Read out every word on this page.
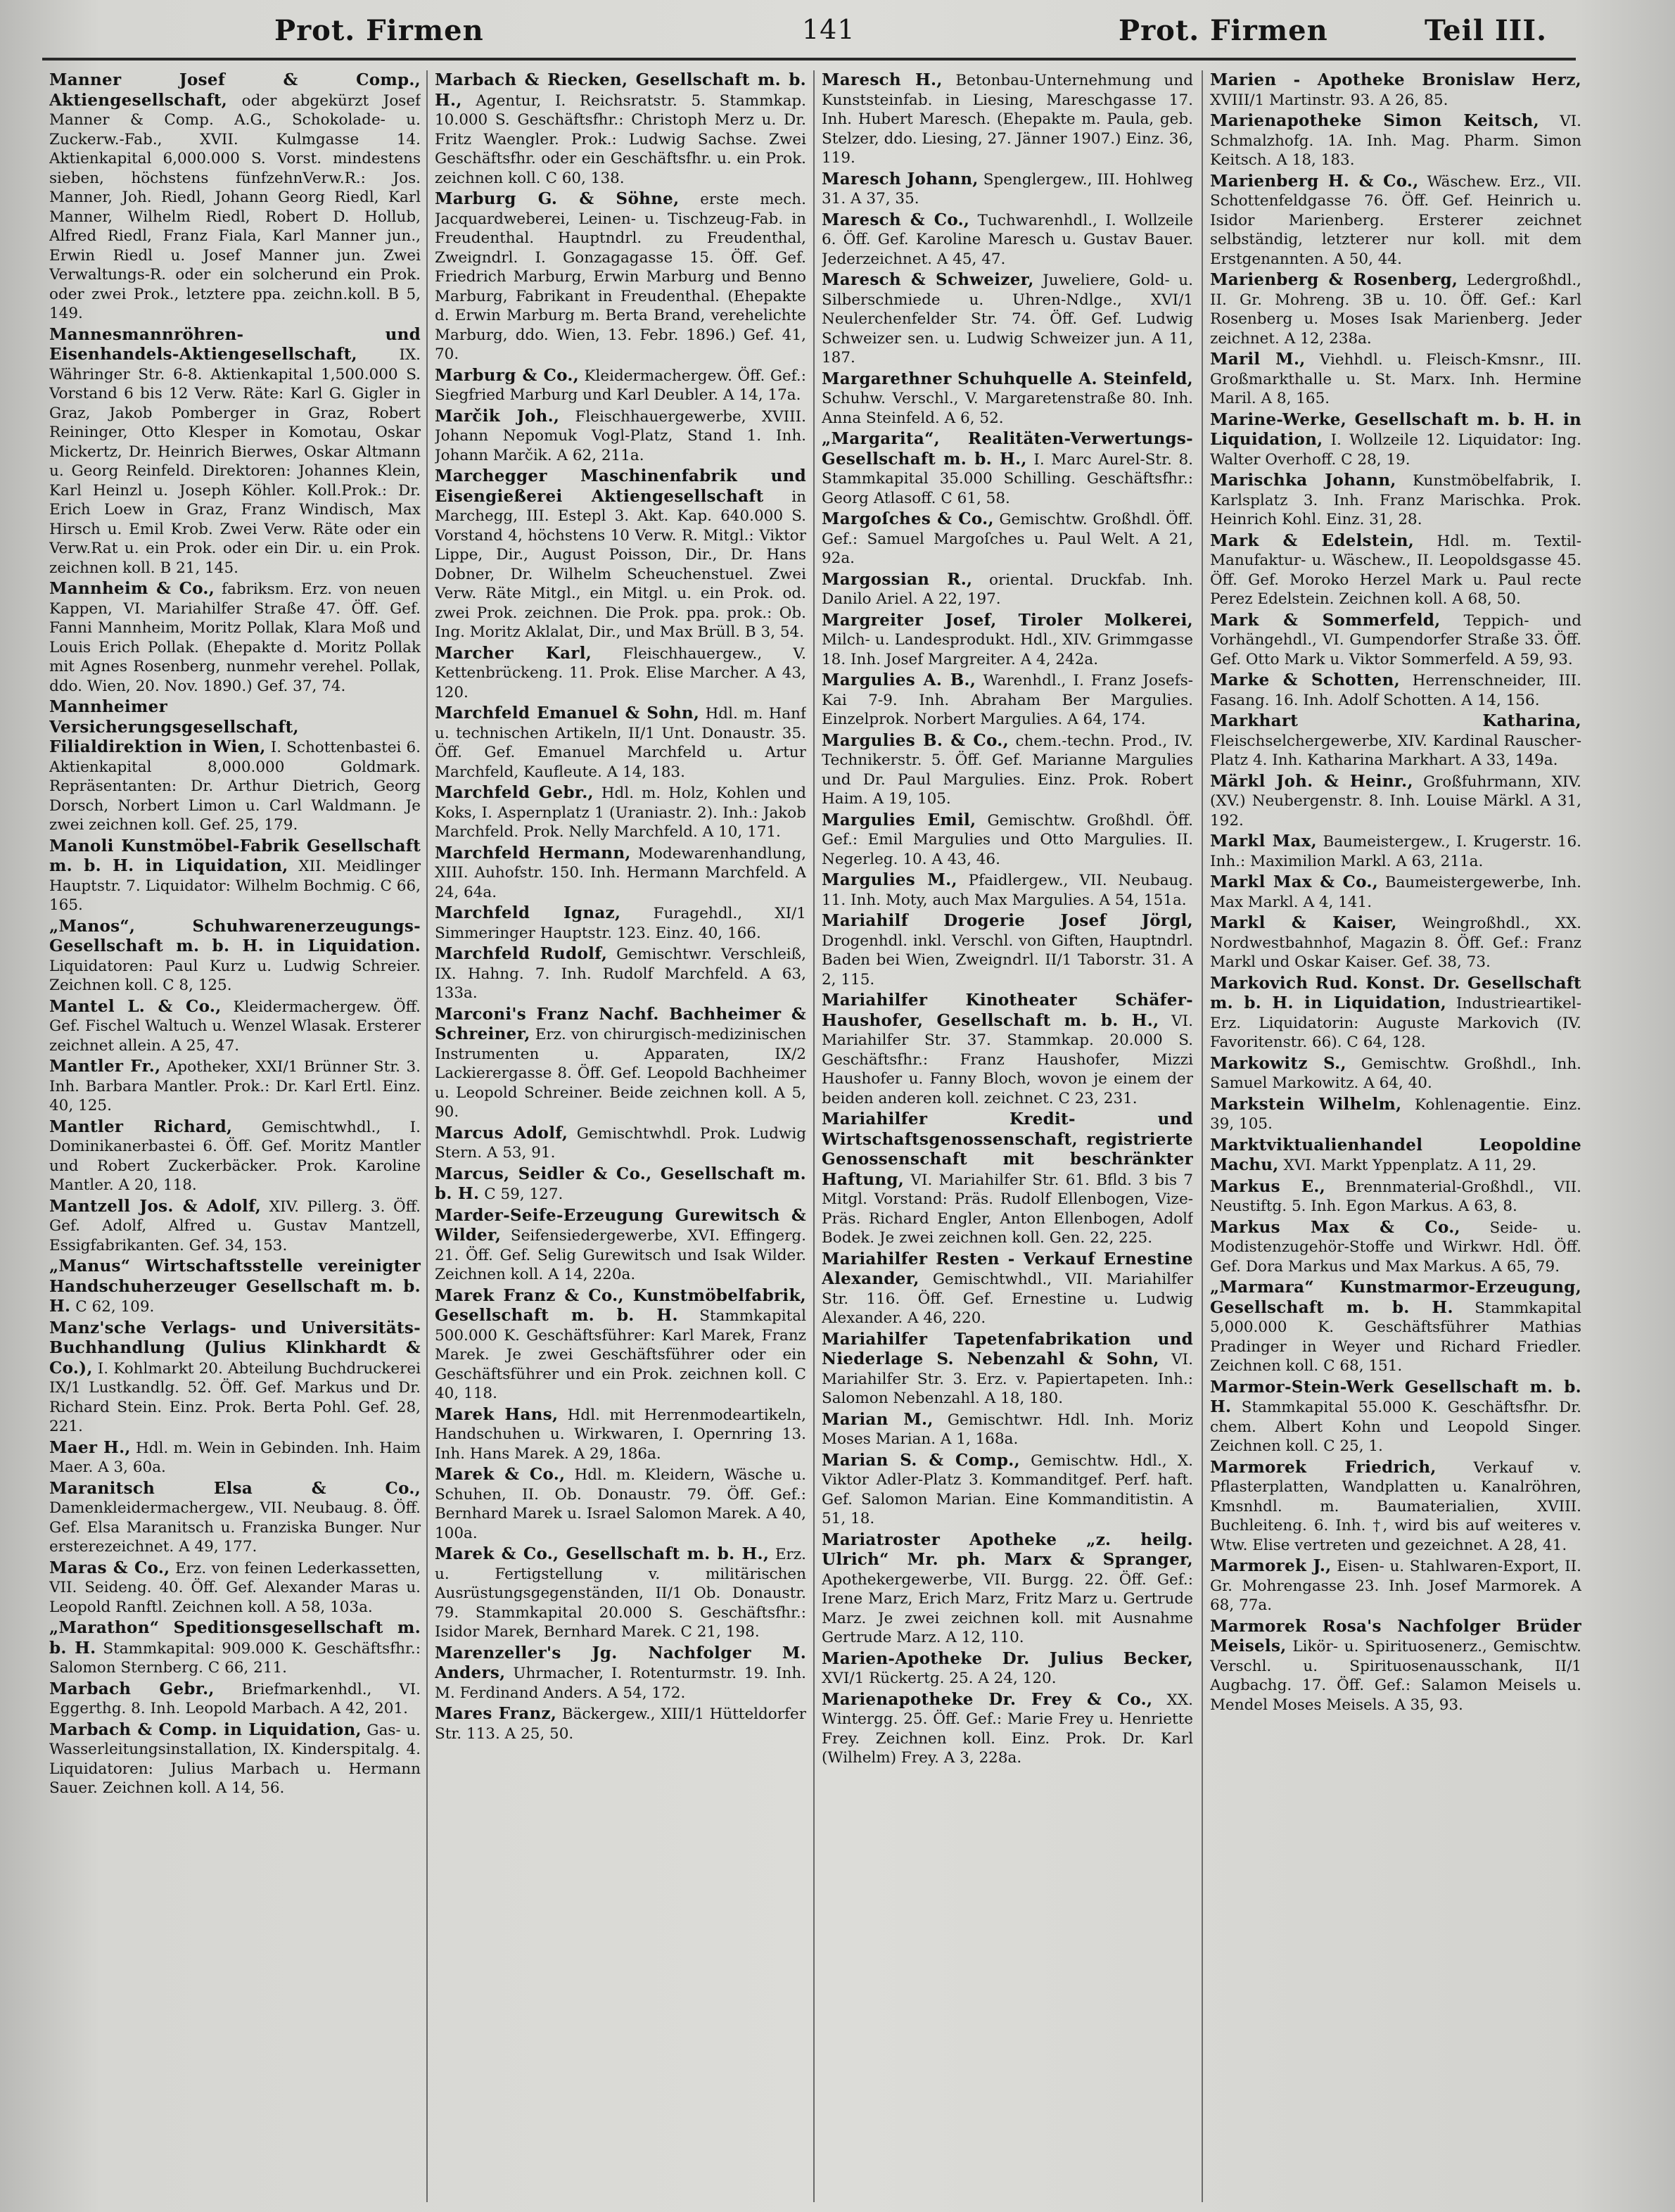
Prot. Firmen	141	Prot. Firmen	Teil III.
Manner Josef & Comp., Aktiengesellschaft, oder abgekürzt Josef Manner & Comp. A.G., Schokolade- u. Zuckerw.-Fab., XVII. Kulmgasse 14. Aktienkapital 6,000.000 S. Vorst. mindestens sieben, höchstens fünfzehnVerw.R.: Jos. Manner, Joh. Riedl, Johann Georg Riedl, Karl Manner, Wilhelm Riedl, Robert D. Hollub, Alfred Riedl, Franz Fiala, Karl Manner jun., Erwin Riedl u. Josef Manner jun. Zwei Verwaltungs-R. oder ein solcherund ein Prok. oder zwei Prok., letztere ppa. zeichn.koll. B 5, 149.
Mannesmannröhren- und Eisenhandels-Aktiengesellschaft,	IX. Währinger Str. 6-8. Aktienkapital 1,500.000 S. Vorstand 6 bis 12 Verw. Räte: Karl G. Gigler in Graz, Jakob Pomberger in Graz, Robert Reininger, Otto Klesper in Komotau, Oskar Mickertz, Dr. Heinrich Bierwes, Oskar Altmann u. Georg Reinfeld. Direktoren: Johannes Klein, Karl Heinzl u. Joseph Köhler. Koll.Prok.: Dr. Erich Loew in Graz, Franz Windisch, Max Hirsch u. Emil Krob. Zwei Verw. Räte oder ein Verw.Rat u. ein Prok. oder ein Dir. u. ein Prok. zeichnen koll. B 21, 145.
Mannheim & Co., fabriksm. Erz. von neuen Kappen, VI. Mariahilfer Straße 47. Öff. Gef. Fanni Mannheim, Moritz Pollak, Klara Moß und Louis Erich Pollak. (Ehepakte d. Moritz Pollak mit Agnes Rosenberg, nunmehr verehel. Pollak, ddo. Wien, 20. Nov. 1890.) Gef. 37, 74.
Mannheimer Versicherungsgesellschaft, Filialdirektion in Wien, I. Schottenbastei 6. Aktienkapital 8,000.000 Goldmark. Repräsentanten: Dr. Arthur Dietrich, Georg Dorsch, Norbert Limon u. Carl Waldmann. Je zwei zeichnen koll. Gef. 25, 179.
Manoli Kunstmöbel-Fabrik Gesellschaft m. b. H. in Liquidation, XII. Meidlinger Hauptstr. 7. Liquidator: Wilhelm Bochmig. C 66, 165.
„Manos“, Schuhwarenerzeugungs-Gesellschaft m. b. H. in Liquidation. Liquidatoren: Paul Kurz u. Ludwig Schreier. Zeichnen koll. C 8, 125.
Mantel L. & Co., Kleidermachergew. Öff. Gef. Fischel Waltuch u. Wenzel Wlasak. Ersterer zeichnet allein. A 25, 47.
Mantler Fr., Apotheker, XXI/1 Brünner Str. 3. Inh. Barbara Mantler. Prok.: Dr. Karl Ertl. Einz. 40, 125.
Mantler Richard, Gemischtwhdl., I. Dominikanerbastei 6. Öff. Gef. Moritz Mantler und Robert Zuckerbäcker. Prok. Karoline Mantler. A 20, 118.
Mantzell Jos. & Adolf, XIV. Pillerg. 3. Öff. Gef. Adolf, Alfred u. Gustav Mantzell, Essigfabrikanten. Gef. 34, 153.
„Manus“ Wirtschaftsstelle vereinigter Handschuherzeuger Gesellschaft m. b. H. C 62, 109.
Manz'sche Verlags- und Universitäts-Buchhandlung (Julius Klinkhardt & Co.), I. Kohlmarkt 20. Abteilung Buchdruckerei IX/1 Lustkandlg. 52. Öff. Gef. Markus und Dr. Richard Stein. Einz. Prok. Berta Pohl. Gef. 28, 221.
Maer H., Hdl. m. Wein in Gebinden. Inh. Haim Maer. A 3, 60a.
Maranitsch Elsa & Co., Damenkleidermachergew., VII. Neubaug. 8. Öff. Gef. Elsa Maranitsch u. Franziska Bunger. Nur ersterezeichnet. A 49, 177.
Maras & Co., Erz. von feinen Lederkassetten, VII. Seideng. 40. Öff. Gef. Alexander Maras u. Leopold Ranftl. Zeichnen koll. A 58, 103a.
„Marathon“ Speditionsgesellschaft m. b. H. Stammkapital: 909.000 K. Geschäftsfhr.: Salomon Sternberg. C 66, 211.
Marbach Gebr., Briefmarkenhdl., VI. Eggerthg. 8. Inh. Leopold Marbach. A 42, 201.
Marbach & Comp. in Liquidation, Gas- u. Wasserleitungsinstallation, IX. Kinderspitalg. 4. Liquidatoren: Julius Marbach u. Hermann Sauer. Zeichnen koll. A 14, 56.
Marbach & Riecken, Gesellschaft m. b. H., Agentur, I. Reichsratstr. 5. Stammkap. 10.000 S. Geschäftsfhr.: Christoph Merz u. Dr. Fritz Waengler. Prok.: Ludwig Sachse. Zwei Geschäftsfhr. oder ein Geschäftsfhr. u. ein Prok. zeichnen koll. C 60, 138.
Marburg G. & Söhne, erste mech. Jacquardweberei, Leinen- u. Tischzeug-Fab. in Freudenthal. Hauptndrl. zu Freudenthal, Zweigndrl. I. Gonzagagasse 15. Öff. Gef. Friedrich Marburg, Erwin Marburg und Benno Marburg, Fabrikant in Freudenthal. (Ehepakte d. Erwin Marburg m. Berta Brand, verehelichte Marburg, ddo. Wien, 13. Febr. 1896.) Gef. 41, 70.
Marburg & Co., Kleidermachergew. Öff. Gef.: Siegfried Marburg und Karl Deubler. A 14, 17a.
Marčik Joh., Fleischhauergewerbe, XVIII. Johann Nepomuk Vogl-Platz, Stand 1. Inh. Johann Marčik. A 62, 211a.
Marchegger Maschinenfabrik und Eisengießerei Aktiengesellschaft in Marchegg, III. Estepl 3. Akt. Kap. 640.000 S. Vorstand 4, höchstens 10 Verw. R. Mitgl.: Viktor Lippe, Dir., August Poisson, Dir., Dr. Hans Dobner, Dr. Wilhelm Scheuchenstuel. Zwei Verw. Räte Mitgl., ein Mitgl. u. ein Prok. od. zwei Prok. zeichnen. Die Prok. ppa. prok.: Ob. Ing. Moritz Aklalat, Dir., und Max Brüll. B 3, 54.
Marcher Karl, Fleischhauergew., V. Kettenbrückeng. 11. Prok. Elise Marcher. A 43, 120.
Marchfeld Emanuel & Sohn, Hdl. m. Hanf u. technischen Artikeln, II/1 Unt. Donaustr. 35. Öff. Gef. Emanuel Marchfeld u. Artur Marchfeld, Kaufleute. A 14, 183.
Marchfeld Gebr., Hdl. m. Holz, Kohlen und Koks, I. Aspernplatz 1 (Uraniastr. 2). Inh.: Jakob Marchfeld. Prok. Nelly Marchfeld. A 10, 171.
Marchfeld Hermann, Modewarenhandlung, XIII. Auhofstr. 150. Inh. Hermann Marchfeld. A 24, 64a.
Marchfeld Ignaz, Furagehdl., XI/1 Simmeringer Hauptstr. 123. Einz. 40, 166.
Marchfeld Rudolf, Gemischtwr. Verschleiß, IX. Hahng. 7. Inh. Rudolf Marchfeld. A 63, 133a.
Marconi's Franz Nachf. Bachheimer & Schreiner, Erz. von chirurgisch-medizinischen Instrumenten u. Apparaten, IX/2 Lackierergasse 8. Öff. Gef. Leopold Bachheimer u. Leopold Schreiner. Beide zeichnen koll. A 5, 90.
Marcus Adolf, Gemischtwhdl. Prok. Ludwig Stern. A 53, 91.
Marcus, Seidler & Co., Gesellschaft m. b. H. C 59, 127.
Marder-Seife-Erzeugung Gurewitsch & Wilder, Seifensiedergewerbe, XVI. Effingerg. 21. Öff. Gef. Selig Gurewitsch und Isak Wilder. Zeichnen koll. A 14, 220a.
Marek Franz & Co., Kunstmöbelfabrik, Gesellschaft m. b. H. Stammkapital 500.000 K. Geschäftsführer: Karl Marek, Franz Marek. Je zwei Geschäftsführer oder ein Geschäftsführer und ein Prok. zeichnen koll. C 40, 118.
Marek Hans, Hdl. mit Herrenmodeartikeln, Handschuhen u. Wirkwaren, I. Opernring 13. Inh. Hans Marek. A 29, 186a.
Marek & Co., Hdl. m. Kleidern, Wäsche u. Schuhen, II. Ob. Donaustr. 79. Öff. Gef.: Bernhard Marek u. Israel Salomon Marek. A 40, 100a.
Marek & Co., Gesellschaft m. b. H., Erz. u. Fertigstellung v. militärischen Ausrüstungsgegenständen, II/1 Ob. Donaustr. 79. Stammkapital 20.000 S. Geschäftsfhr.: Isidor Marek, Bernhard Marek. C 21, 198.
Marenzeller's Jg. Nachfolger M. Anders, Uhrmacher, I. Rotenturmstr. 19. Inh. M. Ferdinand Anders. A 54, 172.
Mares Franz, Bäckergew., XIII/1 Hütteldorfer Str. 113. A 25, 50.
Maresch H., Betonbau-Unternehmung und Kunststeinfab. in Liesing, Mareschgasse 17. Inh. Hubert Maresch. (Ehepakte m. Paula, geb. Stelzer, ddo. Liesing, 27. Jänner 1907.) Einz. 36, 119.
Maresch Johann, Spenglergew., III. Hohlweg 31. A 37, 35.
Maresch & Co., Tuchwarenhdl., I. Wollzeile 6. Öff. Gef. Karoline Maresch u. Gustav Bauer. Jederzeichnet. A 45, 47.
Maresch & Schweizer, Juweliere, Gold- u. Silberschmiede u. Uhren-Ndlge., XVI/1 Neulerchenfelder Str. 74. Öff. Gef. Ludwig Schweizer sen. u. Ludwig Schweizer jun. A 11, 187.
Margarethner Schuhquelle A. Steinfeld, Schuhw. Verschl., V. Margaretenstraße 80. Inh. Anna Steinfeld. A 6, 52.
„Margarita“, Realitäten-Verwertungs-Gesellschaft m. b. H., I. Marc Aurel-Str. 8. Stammkapital 35.000 Schilling. Geschäftsfhr.: Georg Atlasoff. C 61, 58.
Margoſches & Co., Gemischtw. Großhdl. Öff. Gef.: Samuel Margoſches u. Paul Welt. A 21, 92a.
Margossian R., oriental. Druckfab. Inh. Danilo Ariel. A 22, 197.
Margreiter Josef, Tiroler Molkerei, Milch- u. Landesprodukt. Hdl., XIV. Grimmgasse 18. Inh. Josef Margreiter. A 4, 242a.
Margulies A. B., Warenhdl., I. Franz Josefs-Kai 7-9. Inh. Abraham Ber Margulies. Einzelprok. Norbert Margulies. A 64, 174.
Margulies B. & Co., chem.-techn. Prod., IV. Technikerstr. 5. Öff. Gef. Marianne Margulies und Dr. Paul Margulies. Einz. Prok. Robert Haim. A 19, 105.
Margulies Emil, Gemischtw. Großhdl. Öff. Gef.: Emil Margulies und Otto Margulies. II. Negerleg. 10. A 43, 46.
Margulies M., Pfaidlergew., VII. Neubaug. 11. Inh. Moty, auch Max Margulies. A 54, 151a.
Mariahilf Drogerie Josef Jörgl, Drogenhdl. inkl. Verschl. von Giften, Hauptndrl. Baden bei Wien, Zweigndrl. II/1 Taborstr. 31. A 2, 115.
Mariahilfer Kinotheater Schäfer-Haushofer, Gesellschaft m. b. H., VI. Mariahilfer Str. 37. Stammkap. 20.000 S. Geschäftsfhr.: Franz Haushofer, Mizzi Haushofer u. Fanny Bloch, wovon je einem der beiden anderen koll. zeichnet. C 23, 231.
Mariahilfer Kredit- und Wirtschaftsgenossenschaft, registrierte Genossenschaft mit beschränkter Haftung, VI. Mariahilfer Str. 61. Bfld. 3 bis 7 Mitgl. Vorstand: Präs. Rudolf Ellenbogen, Vize-Präs. Richard Engler, Anton Ellenbogen, Adolf Bodek. Je zwei zeichnen koll. Gen. 22, 225.
Mariahilfer Resten - Verkauf Ernestine Alexander, Gemischtwhdl., VII. Mariahilfer Str. 116. Öff. Gef. Ernestine u. Ludwig Alexander. A 46, 220.
Mariahilfer Tapetenfabrikation und Niederlage S. Nebenzahl & Sohn, VI. Mariahilfer Str. 3. Erz. v. Papiertapeten. Inh.: Salomon Nebenzahl. A 18, 180.
Marian M., Gemischtwr. Hdl. Inh. Moriz Moses Marian. A 1, 168a.
Marian S. & Comp., Gemischtw. Hdl., X. Viktor Adler-Platz 3. Kommanditgef. Perf. haft. Gef. Salomon Marian. Eine Kommanditistin. A 51, 18.
Mariatroster Apotheke „z. heilg. Ulrich“ Mr. ph. Marx & Spranger, Apothekergewerbe, VII. Burgg. 22. Öff. Gef.: Irene Marz, Erich Marz, Fritz Marz u. Gertrude Marz. Je zwei zeichnen koll. mit Ausnahme Gertrude Marz. A 12, 110.
Marien-Apotheke Dr. Julius Becker, XVI/1 Rückertg. 25. A 24, 120.
Marienapotheke Dr. Frey & Co., XX. Wintergg. 25. Öff. Gef.: Marie Frey u. Henriette Frey. Zeichnen koll. Einz. Prok. Dr. Karl (Wilhelm) Frey. A 3, 228a.
Marien - Apotheke Bronislaw Herz, XVIII/1 Martinstr. 93. A 26, 85.
Marienapotheke Simon Keitsch, VI. Schmalzhofg. 1A. Inh. Mag. Pharm. Simon Keitsch. A 18, 183.
Marienberg H. & Co., Wäschew. Erz., VII. Schottenfeldgasse 76. Öff. Gef. Heinrich u. Isidor Marienberg. Ersterer zeichnet selbständig, letzterer nur koll. mit dem Erstgenannten. A 50, 44.
Marienberg & Rosenberg, Ledergroßhdl., II. Gr. Mohreng. 3B u. 10. Öff. Gef.: Karl Rosenberg u. Moses Isak Marienberg. Jeder zeichnet. A 12, 238a.
Maril M., Viehhdl. u. Fleisch-Kmsnr., III. Großmarkthalle u. St. Marx. Inh. Hermine Maril. A 8, 165.
Marine-Werke, Gesellschaft m. b. H. in Liquidation, I. Wollzeile 12. Liquidator: Ing. Walter Overhoff. C 28, 19.
Marischka Johann, Kunstmöbelfabrik, I. Karlsplatz 3. Inh. Franz Marischka. Prok. Heinrich Kohl. Einz. 31, 28.
Mark & Edelstein, Hdl. m. Textil-Manufaktur- u. Wäschew., II. Leopoldsgasse 45. Öff. Gef. Moroko Herzel Mark u. Paul recte Perez Edelstein. Zeichnen koll. A 68, 50.
Mark & Sommerfeld, Teppich- und Vorhängehdl., VI. Gumpendorfer Straße 33. Öff. Gef. Otto Mark u. Viktor Sommerfeld. A 59, 93.
Marke & Schotten, Herrenschneider, III. Fasang. 16. Inh. Adolf Schotten. A 14, 156.
Markhart Katharina, Fleischselchergewerbe, XIV. Kardinal Rauscher-Platz 4. Inh. Katharina Markhart. A 33, 149a.
Märkl Joh. & Heinr., Großfuhrmann, XIV. (XV.) Neubergenstr. 8. Inh. Louise Märkl. A 31, 192.
Markl Max, Baumeistergew., I. Krugerstr. 16. Inh.: Maximilion Markl. A 63, 211a.
Markl Max & Co., Baumeistergewerbe, Inh. Max Markl. A 4, 141.
Markl & Kaiser, Weingroßhdl., XX. Nordwestbahnhof, Magazin 8. Öff. Gef.: Franz Markl und Oskar Kaiser. Gef. 38, 73.
Markovich Rud. Konst. Dr. Gesellschaft m. b. H. in Liquidation, Industrieartikel-Erz. Liquidatorin: Auguste Markovich (IV. Favoritenstr. 66). C 64, 128.
Markowitz S., Gemischtw. Großhdl., Inh. Samuel Markowitz. A 64, 40.
Markstein Wilhelm, Kohlenagentie. Einz. 39, 105.
Marktviktualienhandel Leopoldine Machu, XVI. Markt Yppenplatz. A 11, 29.
Markus E., Brennmaterial-Großhdl., VII. Neustiftg. 5. Inh. Egon Markus. A 63, 8.
Markus Max & Co., Seide- u. Modistenzugehör-Stoffe und Wirkwr. Hdl. Öff. Gef. Dora Markus und Max Markus. A 65, 79.
„Marmara“ Kunstmarmor-Erzeugung, Gesellschaft m. b. H. Stammkapital 5,000.000 K. Geschäftsführer Mathias Pradinger in Weyer und Richard Friedler. Zeichnen koll. C 68, 151.
Marmor-Stein-Werk Gesellschaft m. b. H. Stammkapital 55.000 K. Geschäftsfhr. Dr. chem. Albert Kohn und Leopold Singer. Zeichnen koll. C 25, 1.
Marmorek Friedrich, Verkauf v. Pflasterplatten, Wandplatten u. Kanalröhren, Kmsnhdl. m. Baumaterialien, XVIII. Buchleiteng. 6. Inh. †, wird bis auf weiteres v. Wtw. Elise vertreten und gezeichnet. A 28, 41.
Marmorek J., Eisen- u. Stahlwaren-Export, II. Gr. Mohrengasse 23. Inh. Josef Marmorek. A 68, 77a.
Marmorek Rosa's Nachfolger Brüder Meisels, Likör- u. Spirituosenerz., Gemischtw. Verschl. u. Spirituosenausschank, II/1 Augbachg. 17. Öff. Gef.: Salamon Meisels u. Mendel Moses Meisels. A 35, 93.
